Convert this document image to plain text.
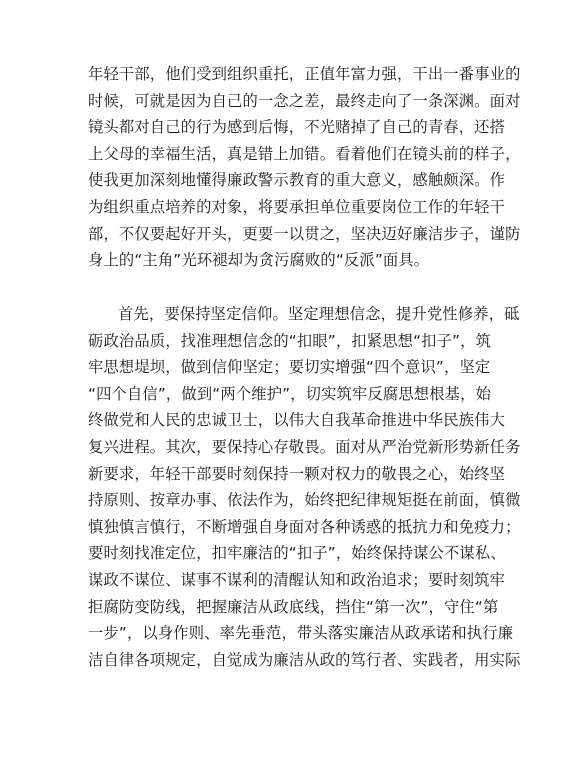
年轻干部，他们受到组织重托，正值年富力强，干出一番事业的
时候，可就是因为自己的一念之差，最终走向了一条深渊。面对
镜头都对自己的行为感到后悔，不光赌掉了自己的青春，还搭
上父母的幸福生活，真是错上加错。看着他们在镜头前的样子，
使我更加深刻地懂得廉政警示教育的重大意义，感触颇深。作
为组织重点培养的对象，将要承担单位重要岗位工作的年轻干
部，不仅要起好开头，更要一以贯之，坚决迈好廉洁步子，谨防
身上的“主角”光环褪却为贪污腐败的“反派”面具。
首先，要保持坚定信仰。坚定理想信念，提升党性修养，砥
砺政治品质，找准理想信念的“扣眼”，扣紧思想“扣子”，筑
牢思想堤坝，做到信仰坚定；要切实增强“四个意识”，坚定
“四个自信”，做到“两个维护”，切实筑牢反腐思想根基，始
终做党和人民的忠诚卫士，以伟大自我革命推进中华民族伟大
复兴进程。其次，要保持心存敬畏。面对从严治党新形势新任务
新要求，年轻干部要时刻保持一颗对权力的敬畏之心，始终坚
持原则、按章办事、依法作为，始终把纪律规矩挺在前面，慎微
慎独慎言慎行，不断增强自身面对各种诱惑的抵抗力和免疫力；
要时刻找准定位，扣牢廉洁的“扣子”，始终保持谋公不谋私、
谋政不谋位、谋事不谋利的清醒认知和政治追求；要时刻筑牢
拒腐防变防线，把握廉洁从政底线，挡住“第一次”，守住“第
一步”，以身作则、率先垂范，带头落实廉洁从政承诺和执行廉
洁自律各项规定，自觉成为廉洁从政的笃行者、实践者，用实际
